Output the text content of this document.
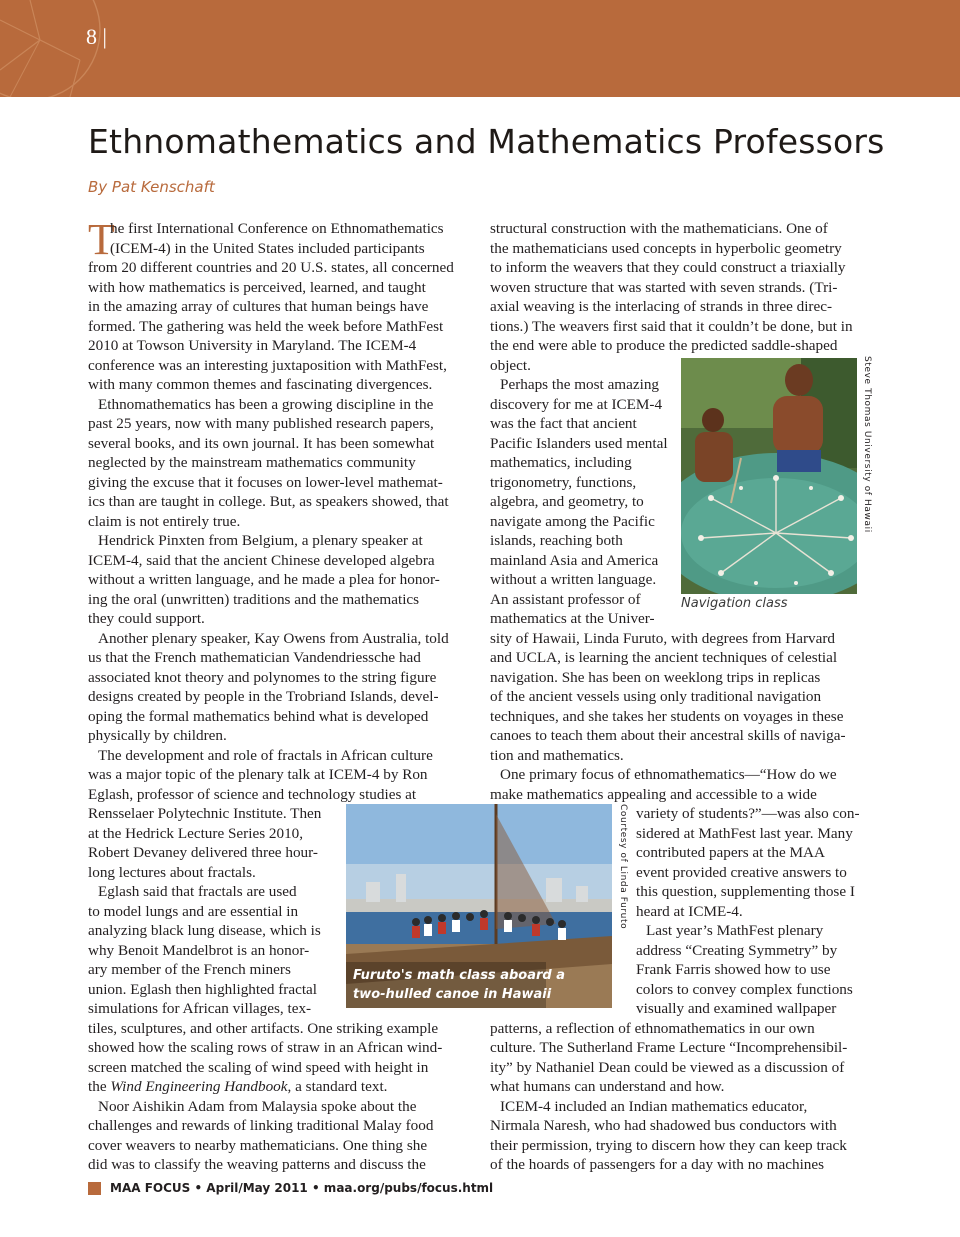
8 |
Ethnomathematics and Mathematics Professors
By Pat Kenschaft
T
he first International Conference on Ethnomathematics
(ICEM-4) in the United States included participants
from 20 different countries and 20 U.S. states, all concerned
with how mathematics is perceived, learned, and taught
in the amazing array of cultures that human beings have
formed. The gathering was held the week before MathFest
2010 at Towson University in Maryland. The ICEM-4
conference was an interesting juxtaposition with MathFest,
with many common themes and fascinating divergences.
Ethnomathematics has been a growing discipline in the
past 25 years, now with many published research papers,
several books, and its own journal. It has been somewhat
neglected by the mainstream mathematics community
giving the excuse that it focuses on lower-level mathemat-
ics than are taught in college. But, as speakers showed, that
claim is not entirely true.
Hendrick Pinxten from Belgium, a plenary speaker at
ICEM-4, said that the ancient Chinese developed algebra
without a written language, and he made a plea for honor-
ing the oral (unwritten) traditions and the mathematics
they could support.
Another plenary speaker, Kay Owens from Australia, told
us that the French mathematician Vandendriessche had
associated knot theory and polynomes to the string figure
designs created by people in the Trobriand Islands, devel-
oping the formal mathematics behind what is developed
physically by children.
The development and role of fractals in African culture
was a major topic of the plenary talk at ICEM-4 by Ron
Eglash, professor of science and technology studies at
Rensselaer Polytechnic Institute. Then
at the Hedrick Lecture Series 2010,
Robert Devaney delivered three hour-
long lectures about fractals.
Eglash said that fractals are used
to model lungs and are essential in
analyzing black lung disease, which is
why Benoit Mandelbrot is an honor-
ary member of the French miners
union. Eglash then highlighted fractal
simulations for African villages, tex-
tiles, sculptures, and other artifacts. One striking example
showed how the scaling rows of straw in an African wind-
screen matched the scaling of wind speed with height in
the Wind Engineering Handbook, a standard text.
Noor Aishikin Adam from Malaysia spoke about the
challenges and rewards of linking traditional Malay food
cover weavers to nearby mathematicians. One thing she
did was to classify the weaving patterns and discuss the
structural construction with the mathematicians. One of
the mathematicians used concepts in hyperbolic geometry
to inform the weavers that they could construct a triaxially
woven structure that was started with seven strands. (Tri-
axial weaving is the interlacing of strands in three direc-
tions.) The weavers first said that it couldn’t be done, but in
the end were able to produce the predicted saddle-shaped
object.
Perhaps the most amazing
discovery for me at ICEM-4
was the fact that ancient
Pacific Islanders used mental
mathematics, including
trigonometry, functions,
algebra, and geometry, to
navigate among the Pacific
islands, reaching both
mainland Asia and America
without a written language.
An assistant professor of
mathematics at the Univer-
sity of Hawaii, Linda Furuto, with degrees from Harvard
and UCLA, is learning the ancient techniques of celestial
navigation. She has been on weeklong trips in replicas
of the ancient vessels using only traditional navigation
techniques, and she takes her students on voyages in these
canoes to teach them about their ancestral skills of naviga-
tion and mathematics.
One primary focus of ethnomathematics—“How do we
make mathematics appealing and accessible to a wide
variety of students?”—was also con-
sidered at MathFest last year. Many
contributed papers at the MAA
event provided creative answers to
this question, supplementing those I
heard at ICME-4.
Last year’s MathFest plenary
address “Creating Symmetry” by
Frank Farris showed how to use
colors to convey complex functions
visually and examined wallpaper
patterns, a reflection of ethnomathematics in our own
culture. The Sutherland Frame Lecture “Incomprehensibil-
ity” by Nathaniel Dean could be viewed as a discussion of
what humans can understand and how.
ICEM-4 included an Indian mathematics educator,
Nirmala Naresh, who had shadowed bus conductors with
their permission, trying to discern how they can keep track
of the hoards of passengers for a day with no machines
Navigation class
Steve Thomas University of Hawaii
Furuto's math class aboard a
two-hulled canoe in Hawaii
Courtesy of Linda Furuto
MAA FOCUS • April/May 2011 • maa.org/pubs/focus.html
